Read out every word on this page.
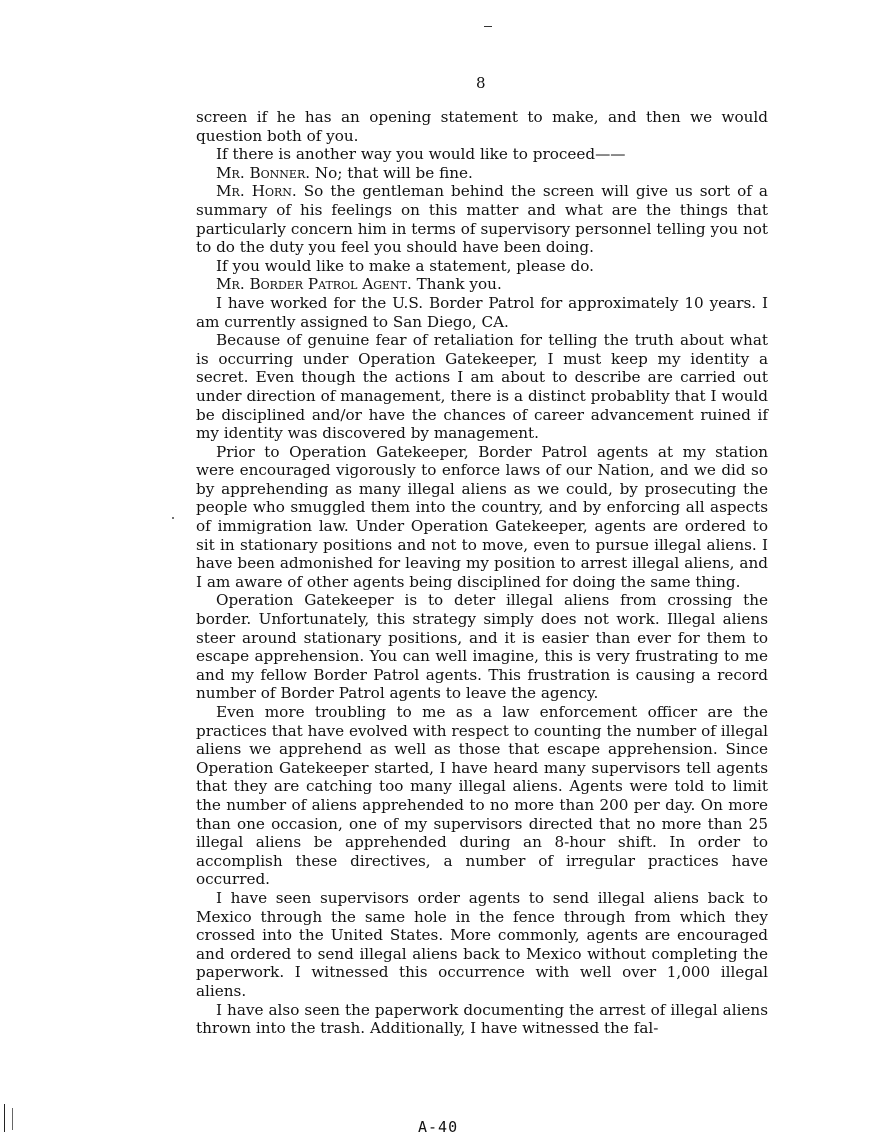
8

screen if he has an opening statement to make, and then we would question both of you.

If there is another way you would like to proceed——

Mr. Bonner. No; that will be fine.

Mr. Horn. So the gentleman behind the screen will give us sort of a summary of his feelings on this matter and what are the things that particularly concern him in terms of supervisory personnel telling you not to do the duty you feel you should have been doing.

If you would like to make a statement, please do.

Mr. Border Patrol Agent. Thank you.

I have worked for the U.S. Border Patrol for approximately 10 years. I am currently assigned to San Diego, CA.

Because of genuine fear of retaliation for telling the truth about what is occurring under Operation Gatekeeper, I must keep my identity a secret. Even though the actions I am about to describe are carried out under direction of management, there is a distinct probablity that I would be disciplined and/or have the chances of career advancement ruined if my identity was discovered by management.

Prior to Operation Gatekeeper, Border Patrol agents at my station were encouraged vigorously to enforce laws of our Nation, and we did so by apprehending as many illegal aliens as we could, by prosecuting the people who smuggled them into the country, and by enforcing all aspects of immigration law. Under Operation Gatekeeper, agents are ordered to sit in stationary positions and not to move, even to pursue illegal aliens. I have been admonished for leaving my position to arrest illegal aliens, and I am aware of other agents being disciplined for doing the same thing.

Operation Gatekeeper is to deter illegal aliens from crossing the border. Unfortunately, this strategy simply does not work. Illegal aliens steer around stationary positions, and it is easier than ever for them to escape apprehension. You can well imagine, this is very frustrating to me and my fellow Border Patrol agents. This frustration is causing a record number of Border Patrol agents to leave the agency.

Even more troubling to me as a law enforcement officer are the practices that have evolved with respect to counting the number of illegal aliens we apprehend as well as those that escape apprehension. Since Operation Gatekeeper started, I have heard many supervisors tell agents that they are catching too many illegal aliens. Agents were told to limit the number of aliens apprehended to no more than 200 per day. On more than one occasion, one of my supervisors directed that no more than 25 illegal aliens be apprehended during an 8-hour shift. In order to accomplish these directives, a number of irregular practices have occurred.

I have seen supervisors order agents to send illegal aliens back to Mexico through the same hole in the fence through from which they crossed into the United States. More commonly, agents are encouraged and ordered to send illegal aliens back to Mexico without completing the paperwork. I witnessed this occurrence with well over 1,000 illegal aliens.

I have also seen the paperwork documenting the arrest of illegal aliens thrown into the trash. Additionally, I have witnessed the fal-

A-40
